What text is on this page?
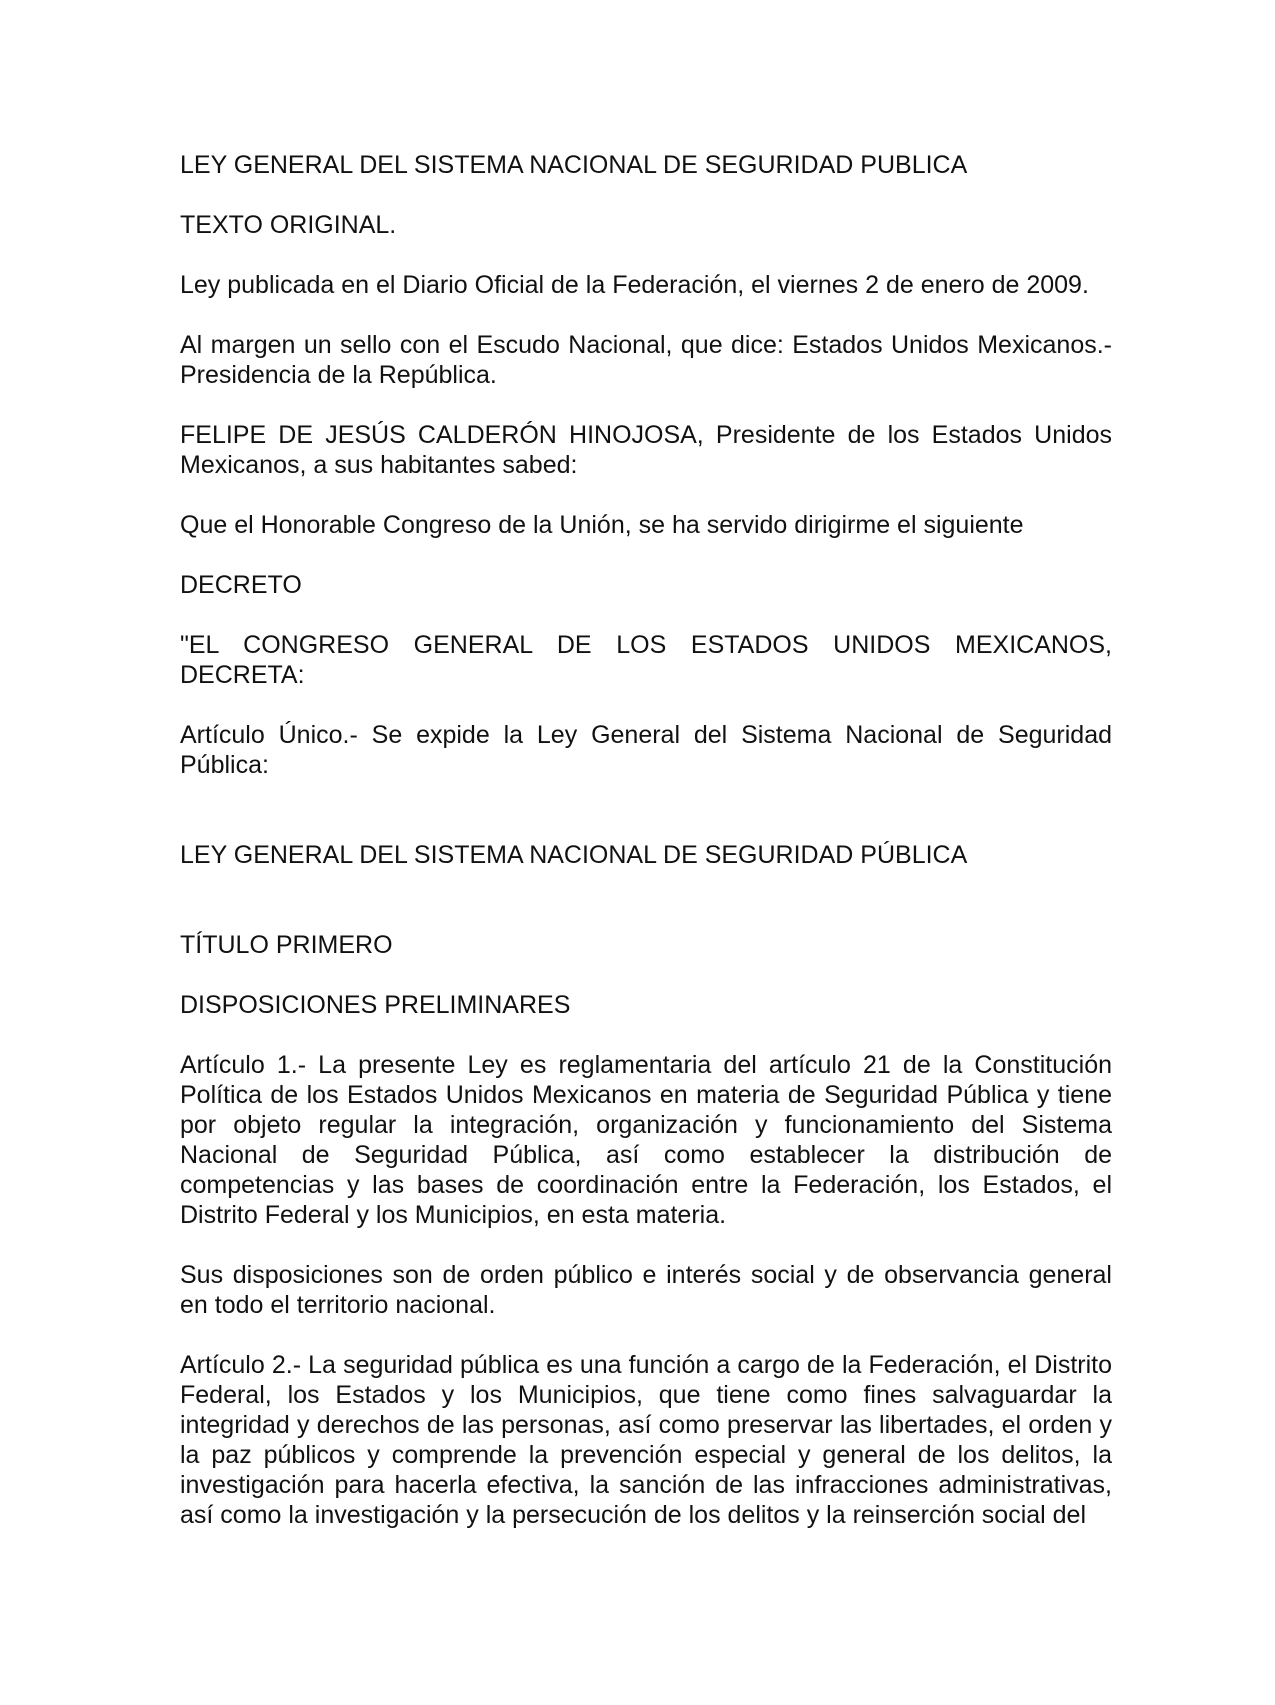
LEY GENERAL DEL SISTEMA NACIONAL DE SEGURIDAD PUBLICA

TEXTO ORIGINAL.

Ley publicada en el Diario Oficial de la Federación, el viernes 2 de enero de 2009.

Al margen un sello con el Escudo Nacional, que dice: Estados Unidos Mexicanos.- Presidencia de la República.

FELIPE DE JESÚS CALDERÓN HINOJOSA, Presidente de los Estados Unidos Mexicanos, a sus habitantes sabed:

Que el Honorable Congreso de la Unión, se ha servido dirigirme el siguiente

DECRETO

"EL CONGRESO GENERAL DE LOS ESTADOS UNIDOS MEXICANOS, DECRETA:

Artículo Único.- Se expide la Ley General del Sistema Nacional de Seguridad Pública:

LEY GENERAL DEL SISTEMA NACIONAL DE SEGURIDAD PÚBLICA

TÍTULO PRIMERO

DISPOSICIONES PRELIMINARES

Artículo 1.- La presente Ley es reglamentaria del artículo 21 de la Constitución Política de los Estados Unidos Mexicanos en materia de Seguridad Pública y tiene por objeto regular la integración, organización y funcionamiento del Sistema Nacional de Seguridad Pública, así como establecer la distribución de competencias y las bases de coordinación entre la Federación, los Estados, el Distrito Federal y los Municipios, en esta materia.

Sus disposiciones son de orden público e interés social y de observancia general en todo el territorio nacional.

Artículo 2.- La seguridad pública es una función a cargo de la Federación, el Distrito Federal, los Estados y los Municipios, que tiene como fines salvaguardar la integridad y derechos de las personas, así como preservar las libertades, el orden y la paz públicos y comprende la prevención especial y general de los delitos, la investigación para hacerla efectiva, la sanción de las infracciones administrativas, así como la investigación y la persecución de los delitos y la reinserción social del
